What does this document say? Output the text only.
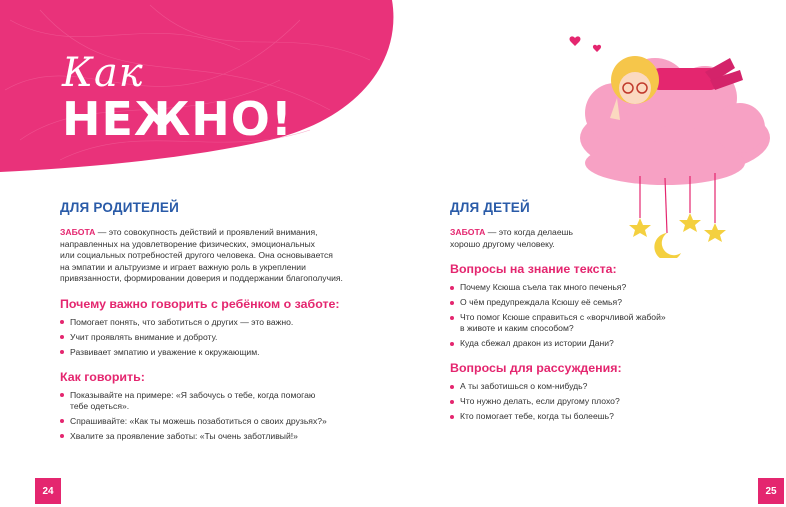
Как
НЕЖНО!
ДЛЯ РОДИТЕЛЕЙ

ЗАБОТА — это совокупность действий и проявлений внимания,
направленных на удовлетворение физических, эмоциональных
или социальных потребностей другого человека. Она основывается
на эмпатии и альтруизме и играет важную роль в укреплении
привязанности, формировании доверия и поддержании благополучия.

Почему важно говорить с ребёнком о заботе:
Помогает понять, что заботиться о других — это важно.
Учит проявлять внимание и доброту.
Развивает эмпатию и уважение к окружающим.
Как говорить:
Показывайте на примере: «Я забочусь о тебе, когда помогаю
тебе одеться».
Спрашивайте: «Как ты можешь позаботиться о своих друзьях?»
Хвалите за проявление заботы: «Ты очень заботливый!»
ДЛЯ ДЕТЕЙ

ЗАБОТА — это когда делаешь
хорошо другому человеку.

Вопросы на знание текста:
Почему Ксюша съела так много печенья?
О чём предупреждала Ксюшу её семья?
Что помог Ксюше справиться с «ворчливой жабой»
в животе и каким способом?
Куда сбежал дракон из истории Дани?
Вопросы для рассуждения:
А ты заботишься о ком-нибудь?
Что нужно делать, если другому плохо?
Кто помогает тебе, когда ты болеешь?
24	25
